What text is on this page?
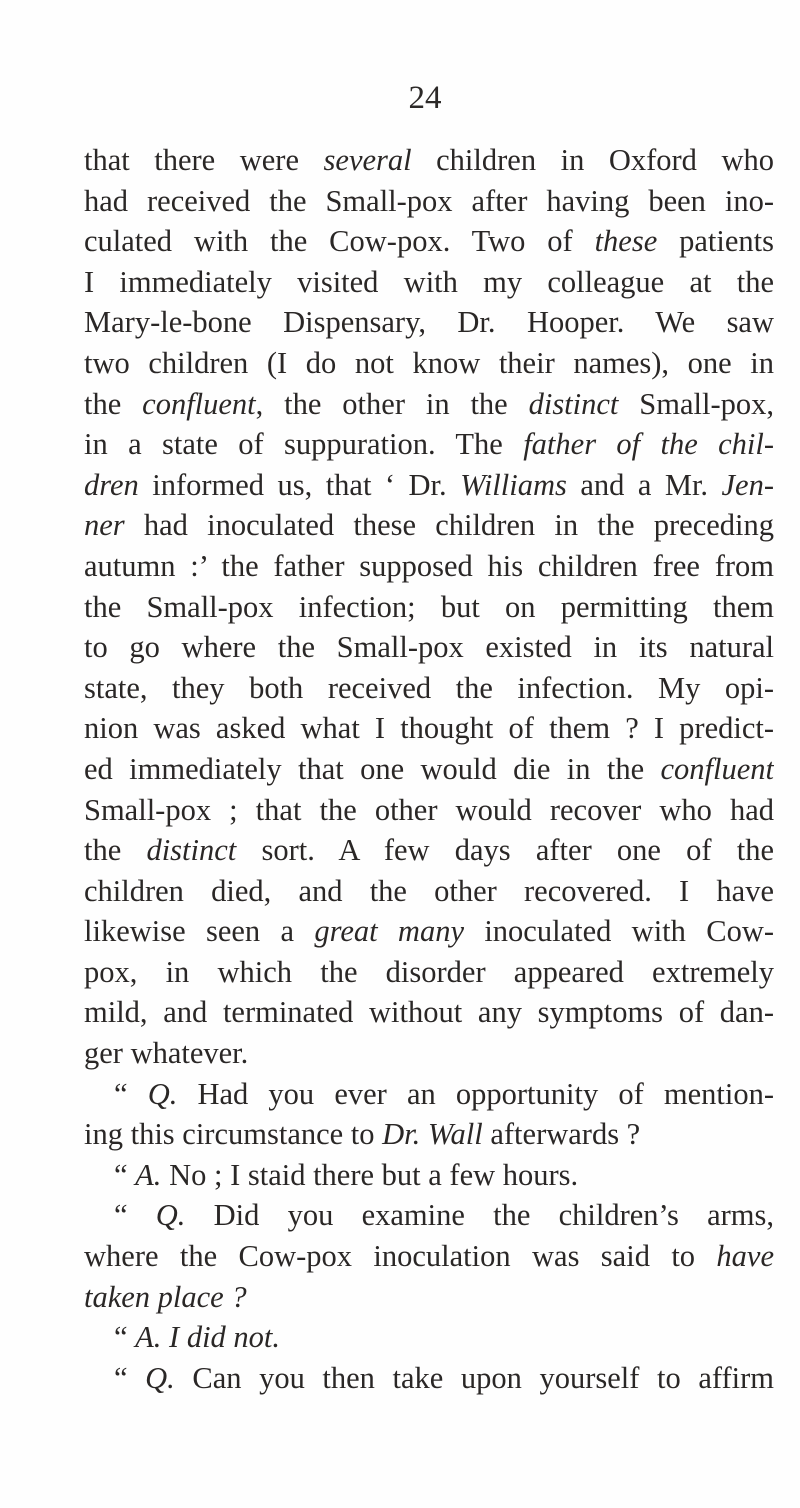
24
that there were several children in Oxford who
had received the Small-pox after having been ino-
culated with the Cow-pox. Two of these patients
I immediately visited with my colleague at the
Mary-le-bone Dispensary, Dr. Hooper. We saw
two children (I do not know their names), one in
the confluent, the other in the distinct Small-pox,
in a state of suppuration. The father of the chil-
dren informed us, that ‘ Dr. Williams and a Mr. Jen-
ner had inoculated these children in the preceding
autumn :’ the father supposed his children free from
the Small-pox infection; but on permitting them
to go where the Small-pox existed in its natural
state, they both received the infection. My opi-
nion was asked what I thought of them ? I predict-
ed immediately that one would die in the confluent
Small-pox ; that the other would recover who had
the distinct sort. A few days after one of the
children died, and the other recovered. I have
likewise seen a great many inoculated with Cow-
pox, in which the disorder appeared extremely
mild, and terminated without any symptoms of dan-
ger whatever.
“ Q. Had you ever an opportunity of mention-
ing this circumstance to Dr. Wall afterwards ?
“ A. No ; I staid there but a few hours.
“ Q. Did you examine the children’s arms,
where the Cow-pox inoculation was said to have
taken place ?
“ A. I did not.
“ Q. Can you then take upon yourself to affirm
